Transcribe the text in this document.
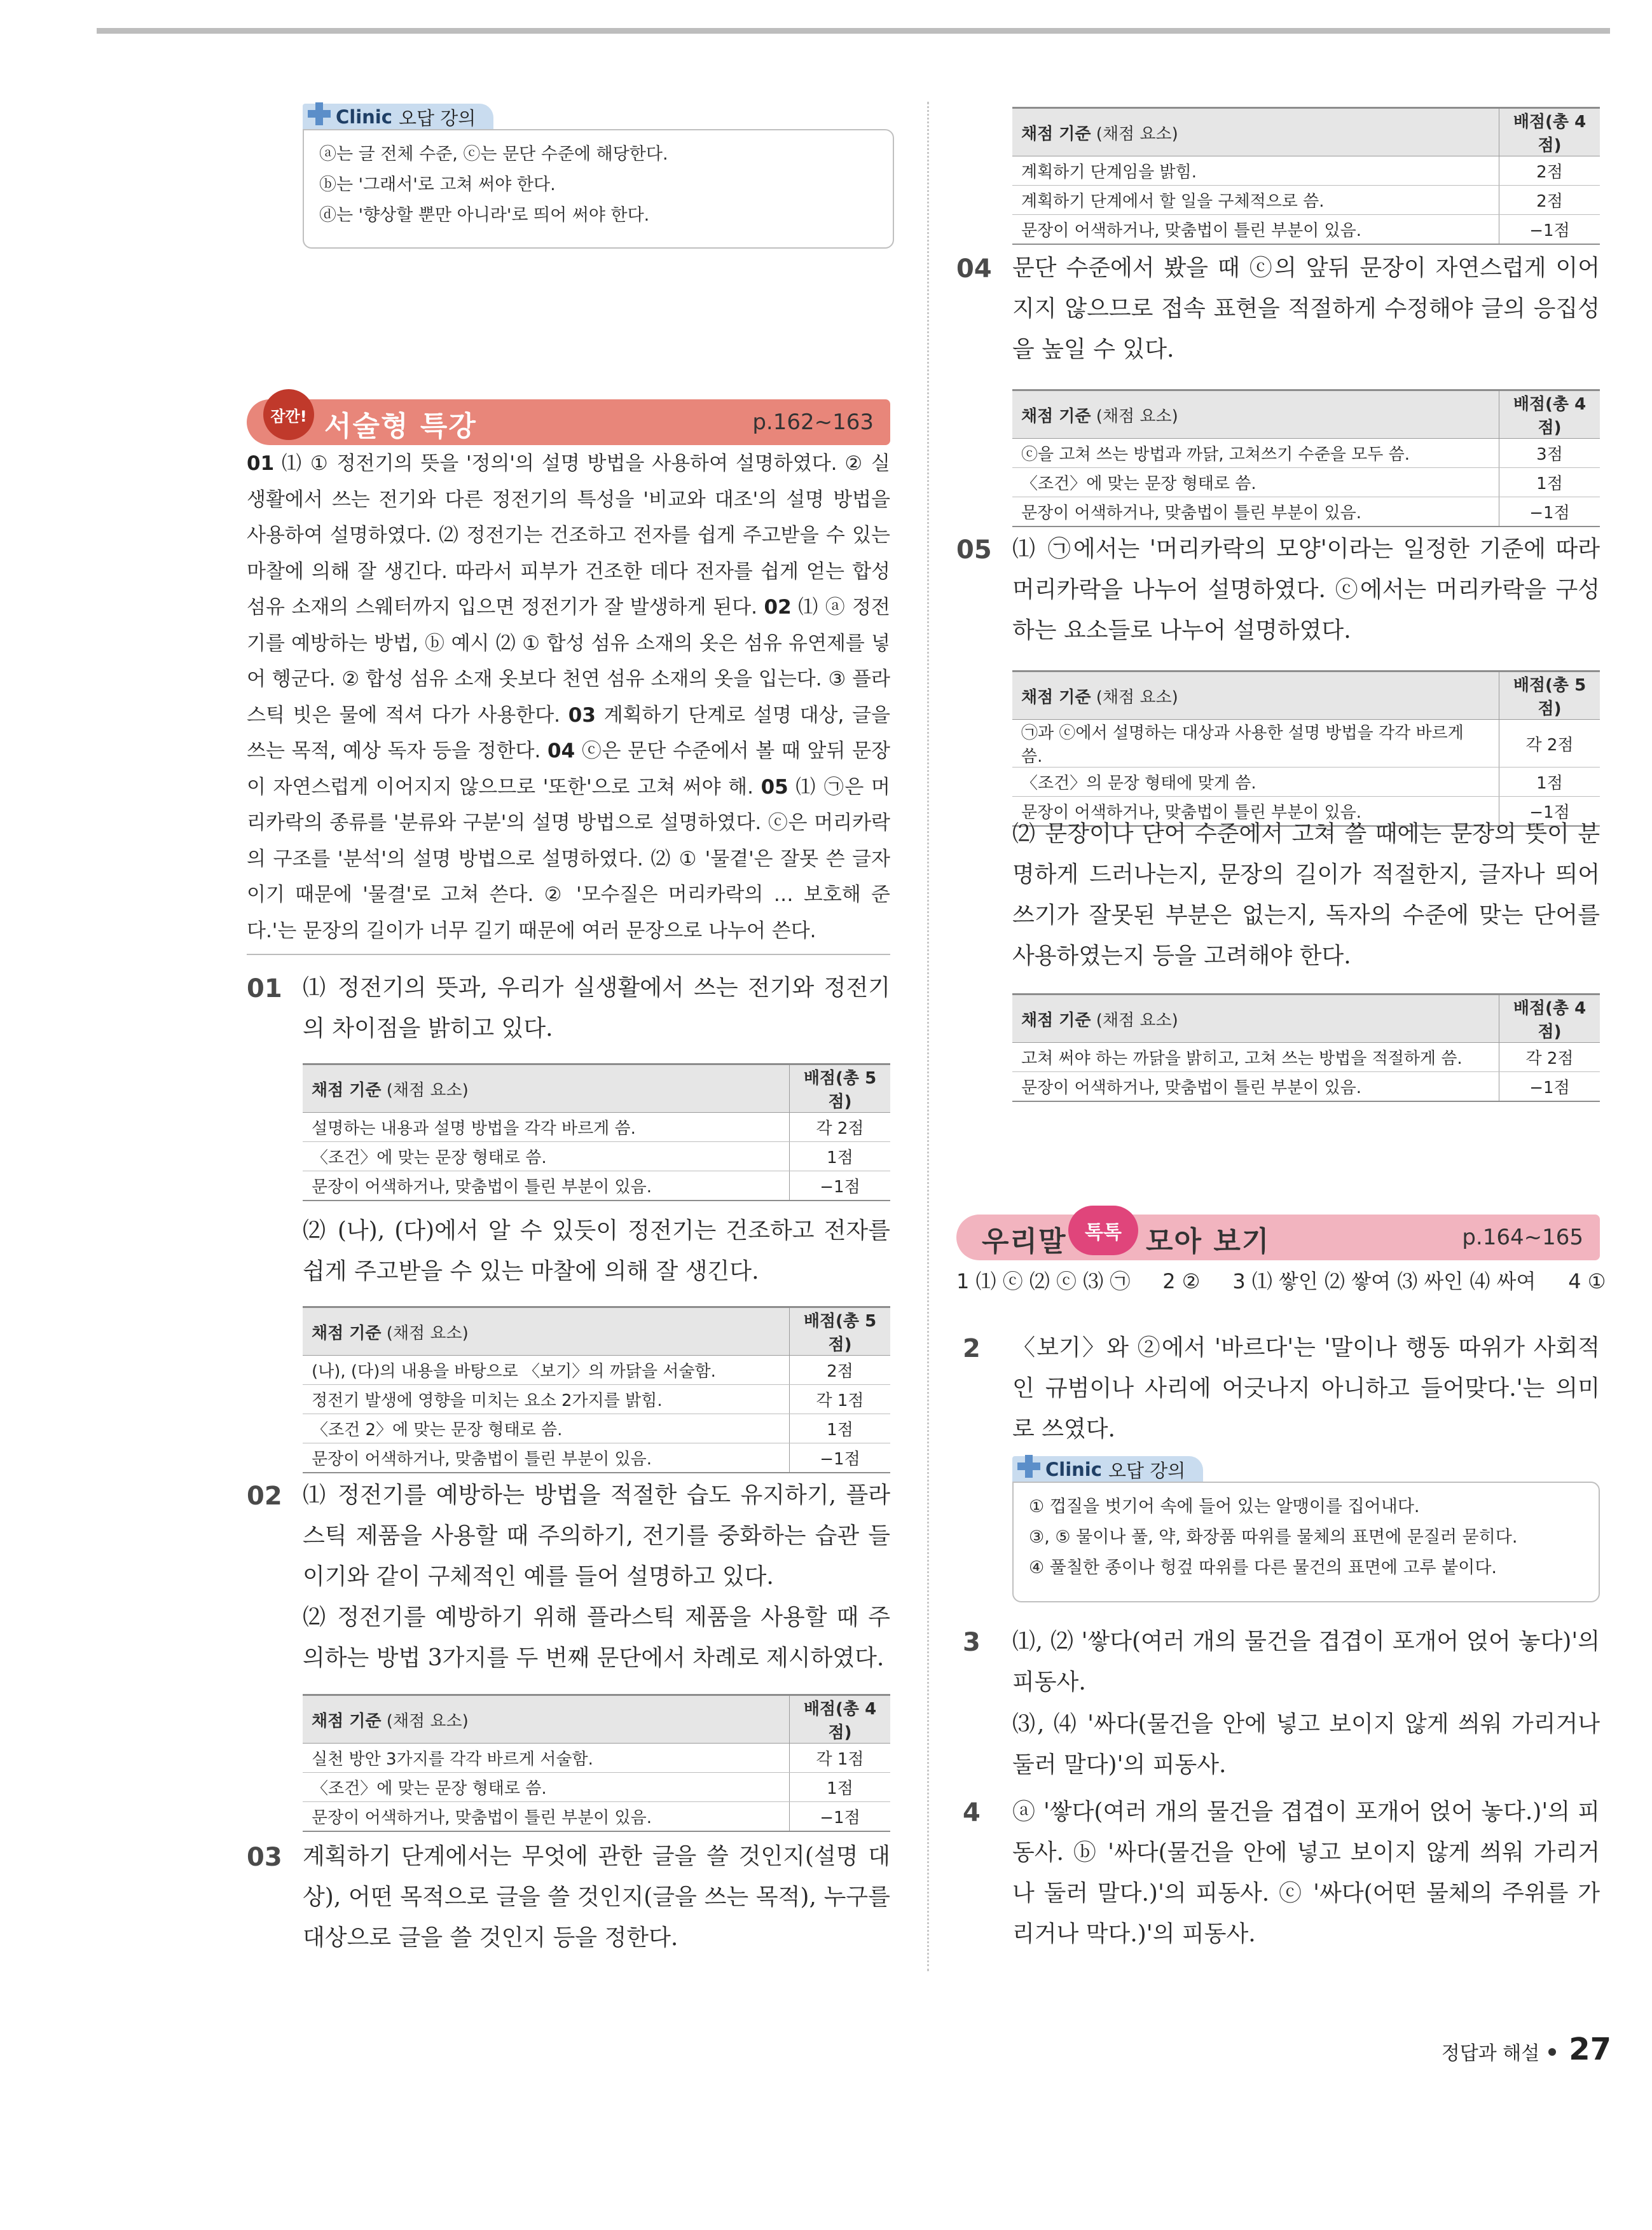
Clinic 오답 강의
ⓐ는 글 전체 수준, ⓒ는 문단 수준에 해당한다.
ⓑ는 '그래서'로 고쳐 써야 한다.
ⓓ는 '향상할 뿐만 아니라'로 띄어 써야 한다.
잠깐! 서술형 특강	p.162~163
01 ⑴ ① 정전기의 뜻을 '정의'의 설명 방법을 사용하여 설명하였다. ② 실생활에서 쓰는 전기와 다른 정전기의 특성을 '비교와 대조'의 설명 방법을 사용하여 설명하였다. ⑵ 정전기는 건조하고 전자를 쉽게 주고받을 수 있는 마찰에 의해 잘 생긴다. 따라서 피부가 건조한 데다 전자를 쉽게 얻는 합성 섬유 소재의 스웨터까지 입으면 정전기가 잘 발생하게 된다. 02 ⑴ ⓐ 정전기를 예방하는 방법, ⓑ 예시 ⑵ ① 합성 섬유 소재의 옷은 섬유 유연제를 넣어 헹군다. ② 합성 섬유 소재 옷보다 천연 섬유 소재의 옷을 입는다. ③ 플라스틱 빗은 물에 적셔 다가 사용한다. 03 계획하기 단계로 설명 대상, 글을 쓰는 목적, 예상 독자 등을 정한다. 04 ⓒ은 문단 수준에서 볼 때 앞뒤 문장이 자연스럽게 이어지지 않으므로 '또한'으로 고쳐 써야 해. 05 ⑴ ㉠은 머리카락의 종류를 '분류와 구분'의 설명 방법으로 설명하였다. ⓒ은 머리카락의 구조를 '분석'의 설명 방법으로 설명하였다. ⑵ ① '물곁'은 잘못 쓴 글자이기 때문에 '물결'로 고쳐 쓴다. ② '모수질은 머리카락의 … 보호해 준다.'는 문장의 길이가 너무 길기 때문에 여러 문장으로 나누어 쓴다.
01 ⑴ 정전기의 뜻과, 우리가 실생활에서 쓰는 전기와 정전기의 차이점을 밝히고 있다.
채점 기준 (채점 요소)	배점(총 5점)
설명하는 내용과 설명 방법을 각각 바르게 씀.	각 2점
〈조건〉에 맞는 문장 형태로 씀.	1점
문장이 어색하거나, 맞춤법이 틀린 부분이 있음.	−1점
⑵ (나), (다)에서 알 수 있듯이 정전기는 건조하고 전자를 쉽게 주고받을 수 있는 마찰에 의해 잘 생긴다.
채점 기준 (채점 요소)	배점(총 5점)
(나), (다)의 내용을 바탕으로 〈보기〉의 까닭을 서술함.	2점
정전기 발생에 영향을 미치는 요소 2가지를 밝힘.	각 1점
〈조건 2〉에 맞는 문장 형태로 씀.	1점
문장이 어색하거나, 맞춤법이 틀린 부분이 있음.	−1점
02 ⑴ 정전기를 예방하는 방법을 적절한 습도 유지하기, 플라스틱 제품을 사용할 때 주의하기, 전기를 중화하는 습관 들이기와 같이 구체적인 예를 들어 설명하고 있다.
⑵ 정전기를 예방하기 위해 플라스틱 제품을 사용할 때 주의하는 방법 3가지를 두 번째 문단에서 차례로 제시하였다.
채점 기준 (채점 요소)	배점(총 4점)
실천 방안 3가지를 각각 바르게 서술함.	각 1점
〈조건〉에 맞는 문장 형태로 씀.	1점
문장이 어색하거나, 맞춤법이 틀린 부분이 있음.	−1점
03 계획하기 단계에서는 무엇에 관한 글을 쓸 것인지(설명 대상), 어떤 목적으로 글을 쓸 것인지(글을 쓰는 목적), 누구를 대상으로 글을 쓸 것인지 등을 정한다.
채점 기준 (채점 요소)	배점(총 4점)
계획하기 단계임을 밝힘.	2점
계획하기 단계에서 할 일을 구체적으로 씀.	2점
문장이 어색하거나, 맞춤법이 틀린 부분이 있음.	−1점
04 문단 수준에서 봤을 때 ⓒ의 앞뒤 문장이 자연스럽게 이어지지 않으므로 접속 표현을 적절하게 수정해야 글의 응집성을 높일 수 있다.
채점 기준 (채점 요소)	배점(총 4점)
ⓒ을 고쳐 쓰는 방법과 까닭, 고쳐쓰기 수준을 모두 씀.	3점
〈조건〉에 맞는 문장 형태로 씀.	1점
문장이 어색하거나, 맞춤법이 틀린 부분이 있음.	−1점
05 ⑴ ㉠에서는 '머리카락의 모양'이라는 일정한 기준에 따라 머리카락을 나누어 설명하였다. ⓒ에서는 머리카락을 구성하는 요소들로 나누어 설명하였다.
채점 기준 (채점 요소)	배점(총 5점)
㉠과 ⓒ에서 설명하는 대상과 사용한 설명 방법을 각각 바르게 씀.	각 2점
〈조건〉의 문장 형태에 맞게 씀.	1점
문장이 어색하거나, 맞춤법이 틀린 부분이 있음.	−1점
⑵ 문장이나 단어 수준에서 고쳐 쓸 때에는 문장의 뜻이 분명하게 드러나는지, 문장의 길이가 적절한지, 글자나 띄어쓰기가 잘못된 부분은 없는지, 독자의 수준에 맞는 단어를 사용하였는지 등을 고려해야 한다.
채점 기준 (채점 요소)	배점(총 4점)
고쳐 써야 하는 까닭을 밝히고, 고쳐 쓰는 방법을 적절하게 씀.	각 2점
문장이 어색하거나, 맞춤법이 틀린 부분이 있음.	−1점
우리말 톡톡 모아 보기	p.164~165
1 ⑴ ⓒ ⑵ ⓒ ⑶ ㉠     2 ②     3 ⑴ 쌓인 ⑵ 쌓여 ⑶ 싸인 ⑷ 싸여     4 ①
2 〈보기〉와 ②에서 '바르다'는 '말이나 행동 따위가 사회적인 규범이나 사리에 어긋나지 아니하고 들어맞다.'는 의미로 쓰였다.
Clinic 오답 강의
① 껍질을 벗기어 속에 들어 있는 알맹이를 집어내다.
③, ⑤ 물이나 풀, 약, 화장품 따위를 물체의 표면에 문질러 묻히다.
④ 풀칠한 종이나 헝겊 따위를 다른 물건의 표면에 고루 붙이다.
3 ⑴, ⑵ '쌓다(여러 개의 물건을 겹겹이 포개어 얹어 놓다)'의 피동사.
⑶, ⑷ '싸다(물건을 안에 넣고 보이지 않게 씌워 가리거나 둘러 말다)'의 피동사.
4 ⓐ '쌓다(여러 개의 물건을 겹겹이 포개어 얹어 놓다.)'의 피동사. ⓑ '싸다(물건을 안에 넣고 보이지 않게 씌워 가리거나 둘러 말다.)'의 피동사. ⓒ '싸다(어떤 물체의 주위를 가리거나 막다.)'의 피동사.
정답과 해설 27
